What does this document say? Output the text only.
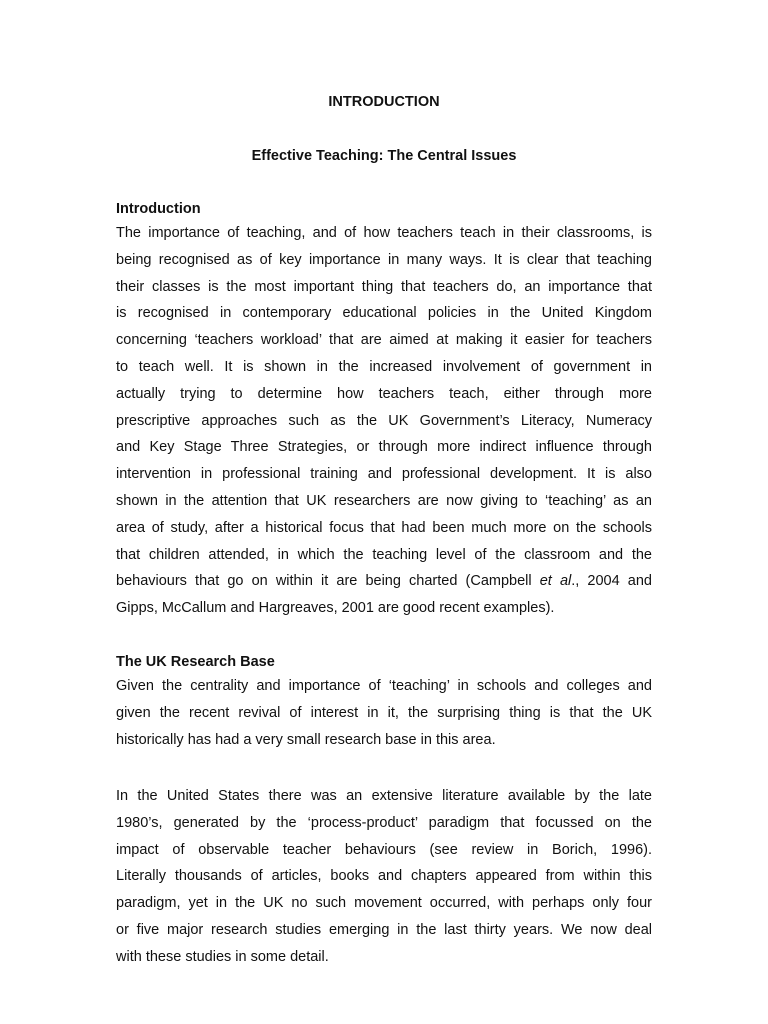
INTRODUCTION
Effective Teaching: The Central Issues
Introduction
The importance of teaching, and of how teachers teach in their classrooms, is
being recognised as of key importance in many ways. It is clear that teaching
their classes is the most important thing that teachers do, an importance that
is recognised in contemporary educational policies in the United Kingdom
concerning ‘teachers workload’ that are aimed at making it easier for teachers
to teach well. It is shown in the increased involvement of government in
actually trying to determine how teachers teach, either through more
prescriptive approaches such as the UK Government’s Literacy, Numeracy
and Key Stage Three Strategies, or through more indirect influence through
intervention in professional training and professional development. It is also
shown in the attention that UK researchers are now giving to ‘teaching’ as an
area of study, after a historical focus that had been much more on the schools
that children attended, in which the teaching level of the classroom and the
behaviours that go on within it are being charted (Campbell et al., 2004 and
Gipps, McCallum and Hargreaves, 2001 are good recent examples).
The UK Research Base
Given the centrality and importance of ‘teaching’ in schools and colleges and
given the recent revival of interest in it, the surprising thing is that the UK
historically has had a very small research base in this area.
In the United States there was an extensive literature available by the late
1980’s, generated by the ‘process-product’ paradigm that focussed on the
impact of observable teacher behaviours (see review in Borich, 1996).
Literally thousands of articles, books and chapters appeared from within this
paradigm, yet in the UK no such movement occurred, with perhaps only four
or five major research studies emerging in the last thirty years. We now deal
with these studies in some detail.
